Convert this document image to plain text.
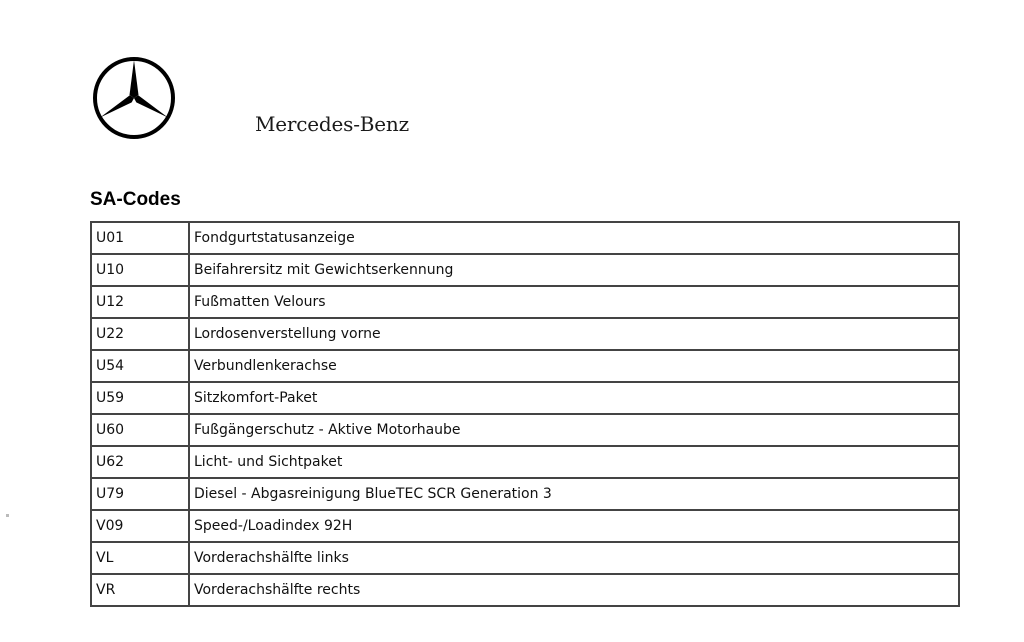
Mercedes-Benz
SA-Codes
U01	Fondgurtstatusanzeige
U10	Beifahrersitz mit Gewichtserkennung
U12	Fußmatten Velours
U22	Lordosenverstellung vorne
U54	Verbundlenkerachse
U59	Sitzkomfort-Paket
U60	Fußgängerschutz - Aktive Motorhaube
U62	Licht- und Sichtpaket
U79	Diesel - Abgasreinigung BlueTEC SCR Generation 3
V09	Speed-/Loadindex 92H
VL	Vorderachshälfte links
VR	Vorderachshälfte rechts
